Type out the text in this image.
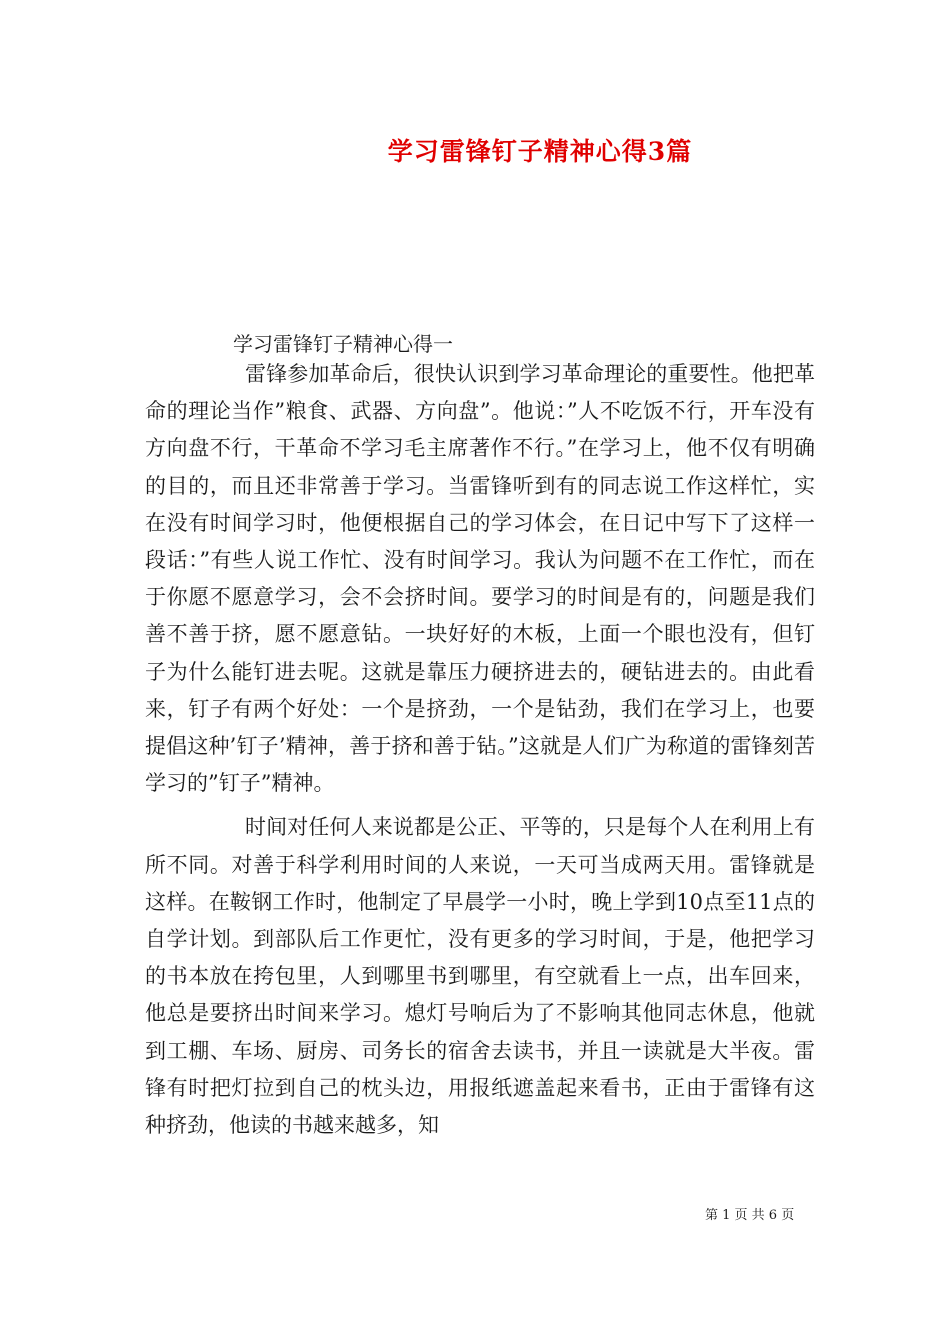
学习雷锋钉子精神心得3篇
学习雷锋钉子精神心得一

雷锋参加革命后，很快认识到学习革命理论的重要性。他把革命的理论当作”粮食、武器、方向盘”。他说：”人不吃饭不行，开车没有方向盘不行，干革命不学习毛主席著作不行。”在学习上，他不仅有明确的目的，而且还非常善于学习。当雷锋听到有的同志说工作这样忙，实在没有时间学习时，他便根据自己的学习体会，在日记中写下了这样一段话：”有些人说工作忙、没有时间学习。我认为问题不在工作忙，而在于你愿不愿意学习，会不会挤时间。要学习的时间是有的，问题是我们善不善于挤，愿不愿意钻。一块好好的木板，上面一个眼也没有，但钉子为什么能钉进去呢。这就是靠压力硬挤进去的，硬钻进去的。由此看来，钉子有两个好处：一个是挤劲，一个是钻劲，我们在学习上，也要提倡这种’钉子’精神，善于挤和善于钻。”这就是人们广为称道的雷锋刻苦学习的”钉子”精神。

时间对任何人来说都是公正、平等的，只是每个人在利用上有所不同。对善于科学利用时间的人来说，一天可当成两天用。雷锋就是这样。在鞍钢工作时，他制定了早晨学一小时，晚上学到10点至11点的自学计划。到部队后工作更忙，没有更多的学习时间，于是，他把学习的书本放在挎包里，人到哪里书到哪里，有空就看上一点，出车回来，他总是要挤出时间来学习。熄灯号响后为了不影响其他同志休息，他就到工棚、车场、厨房、司务长的宿舍去读书，并且一读就是大半夜。雷锋有时把灯拉到自己的枕头边，用报纸遮盖起来看书，正由于雷锋有这种挤劲，他读的书越来越多，知

第 1 页 共 6 页
